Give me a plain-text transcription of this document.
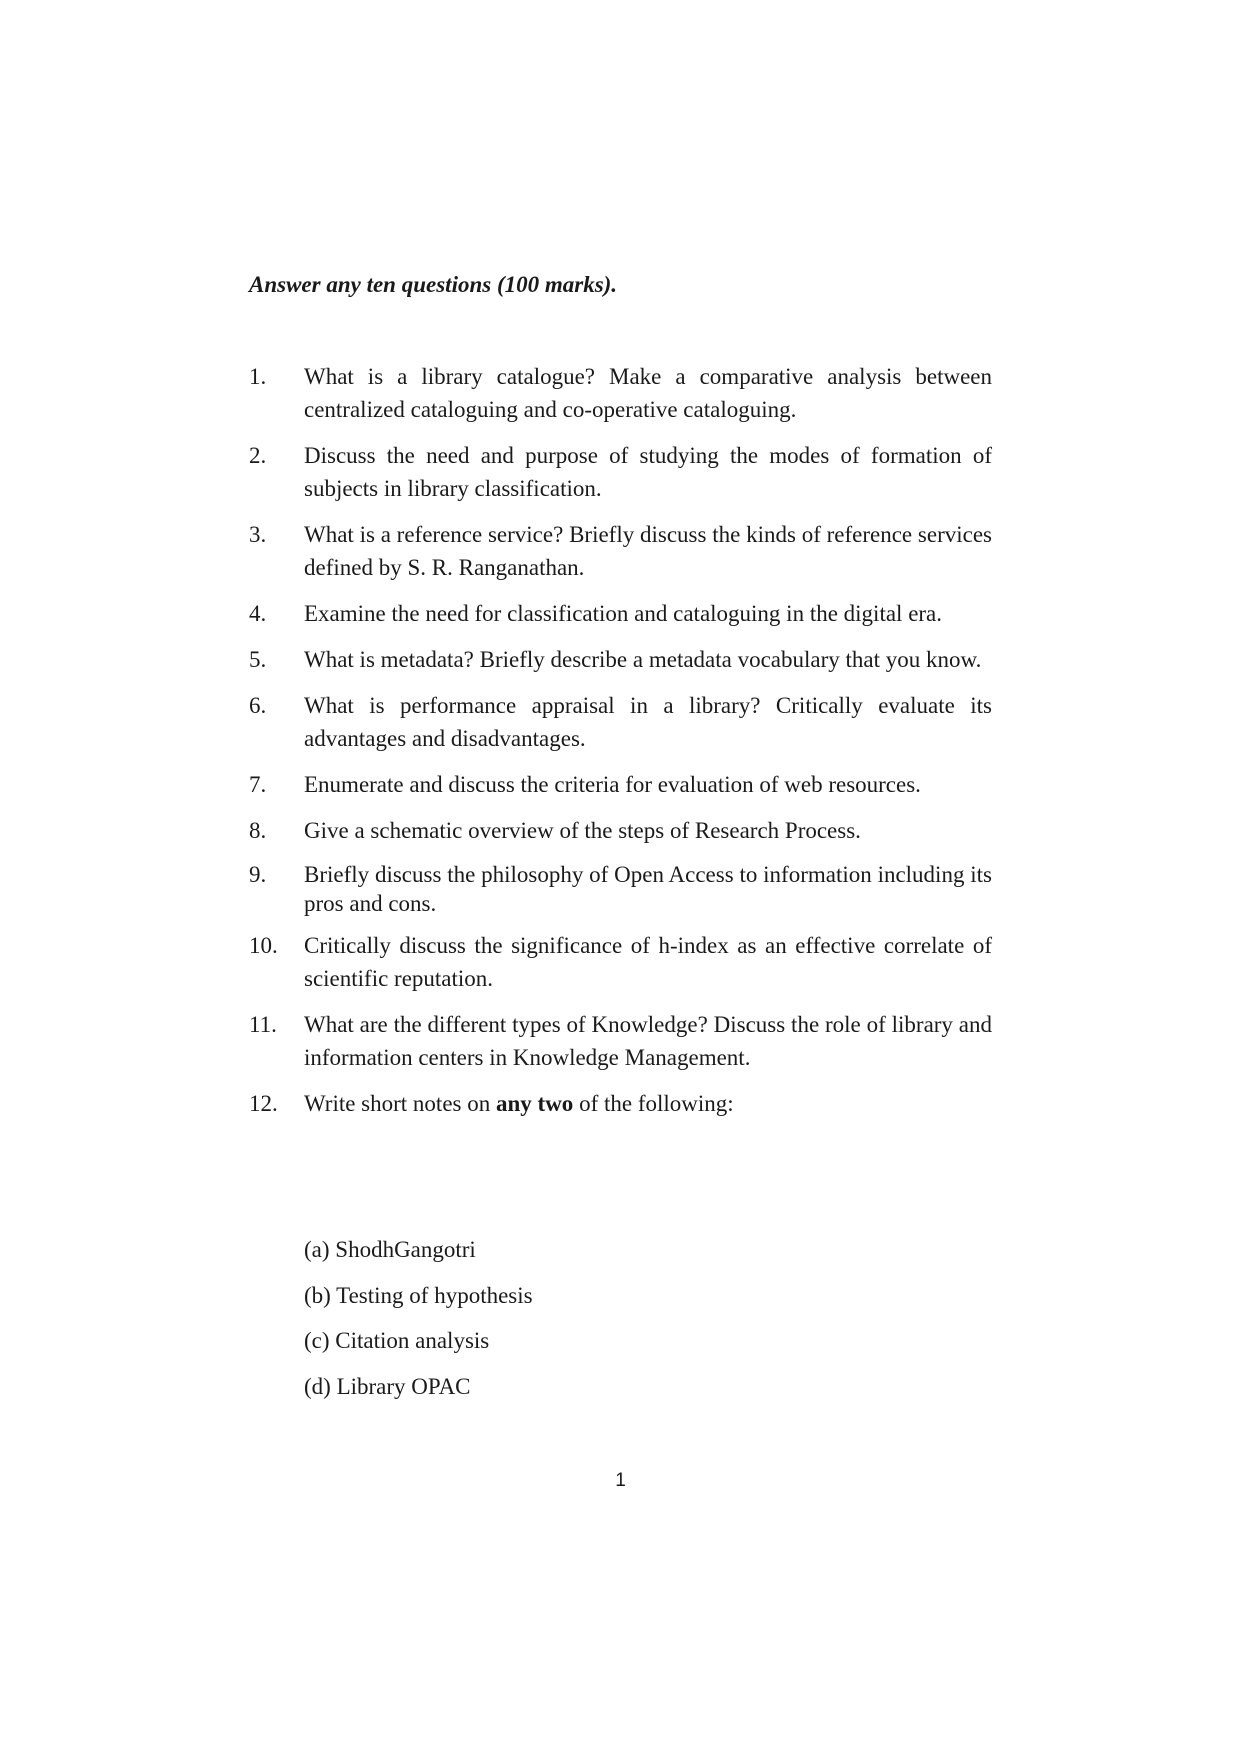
Answer any ten questions (100 marks).
1. What is a library catalogue? Make a comparative analysis between centralized cataloguing and co-operative cataloguing.
2. Discuss the need and purpose of studying the modes of formation of subjects in library classification.
3. What is a reference service? Briefly discuss the kinds of reference services defined by S. R. Ranganathan.
4. Examine the need for classification and cataloguing in the digital era.
5. What is metadata? Briefly describe a metadata vocabulary that you know.
6. What is performance appraisal in a library? Critically evaluate its advantages and disadvantages.
7. Enumerate and discuss the criteria for evaluation of web resources.
8. Give a schematic overview of the steps of Research Process.
9. Briefly discuss the philosophy of Open Access to information including its pros and cons.
10. Critically discuss the significance of h-index as an effective correlate of scientific reputation.
11. What are the different types of Knowledge? Discuss the role of library and information centers in Knowledge Management.
12. Write short notes on any two of the following:
(a) ShodhGangotri
(b) Testing of hypothesis
(c) Citation analysis
(d) Library OPAC
1
